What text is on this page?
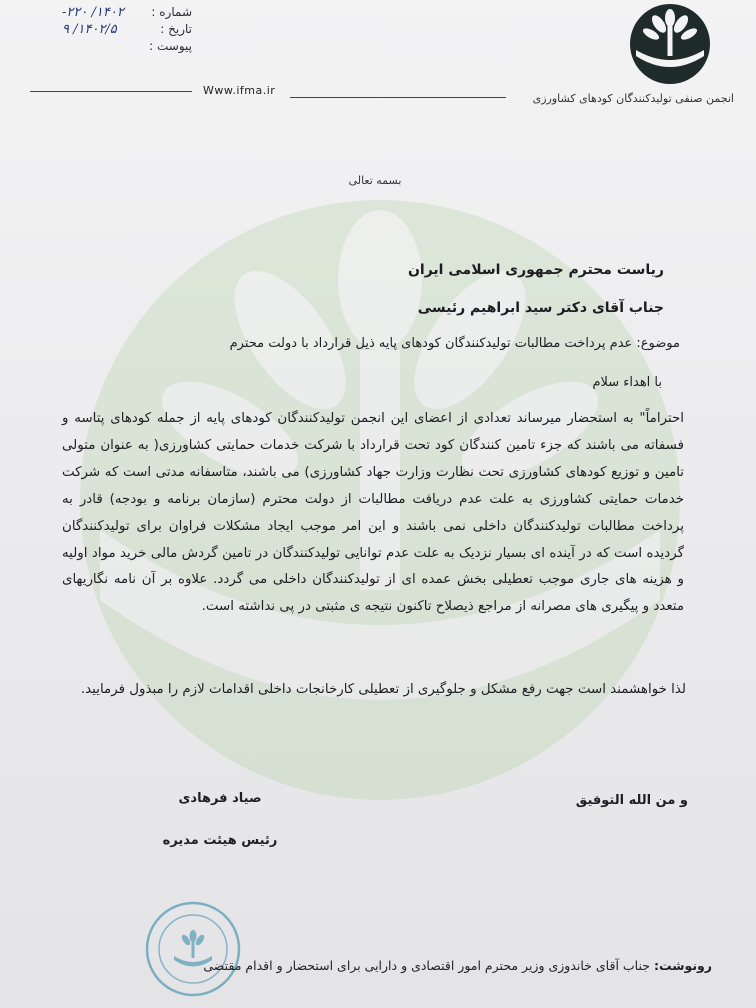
شماره :
۱۴۰۲/ ۲۲۰-
تاریخ :
۱۴۰۲/۵/ ۹
پیوست :
انجمن صنفی تولیدکنندگان کودهای کشاورزی
Www.ifma.ir
بسمه تعالی
ریاست محترم جمهوری اسلامی ایران
جناب آقای دکتر سید ابراهیم رئیسی
موضوع: عدم پرداخت مطالبات تولیدکنندگان کودهای پایه ذیل قرارداد با دولت محترم
با اهداء سلام
احتراماً" به استحضار میرساند تعدادی از اعضای این انجمن تولیدکنندگان کودهای پایه از جمله کودهای پتاسه و فسفاته می باشند که جزء تامین کنندگان کود تحت قرارداد با شرکت خدمات حمایتی کشاورزی( به عنوان متولی تامین و توزیع کودهای کشاورزی تحت نظارت وزارت جهاد کشاورزی) می باشند، متاسفانه مدتی است که شرکت خدمات حمایتی کشاورزی به علت عدم دریافت مطالبات از دولت محترم (سازمان برنامه و بودجه) قادر به پرداخت مطالبات تولیدکنندگان داخلی نمی باشند و این امر موجب ایجاد مشکلات فراوان برای تولیدکنندگان گردیده است که در آینده ای بسیار نزدیک به علت عدم توانایی تولیدکنندگان در تامین گردش مالی خرید مواد اولیه و هزینه های جاری موجب تعطیلی بخش عمده ای از تولیدکنندگان داخلی می گردد. علاوه بر آن نامه نگاریهای متعدد و پیگیری های مصرانه از مراجع ذیصلاح تاکنون نتیجه ی مثبتی در پی نداشته است.
لذا خواهشمند است جهت رفع مشکل و جلوگیری از تعطیلی کارخانجات داخلی اقدامات لازم را مبذول فرمایید.
و من الله التوفیق
صیاد فرهادی
رئیس هیئت مدیره
رونوشت: جناب آقای خاندوزی وزیر محترم امور اقتصادی و دارایی برای استحضار و اقدام مقتضی
